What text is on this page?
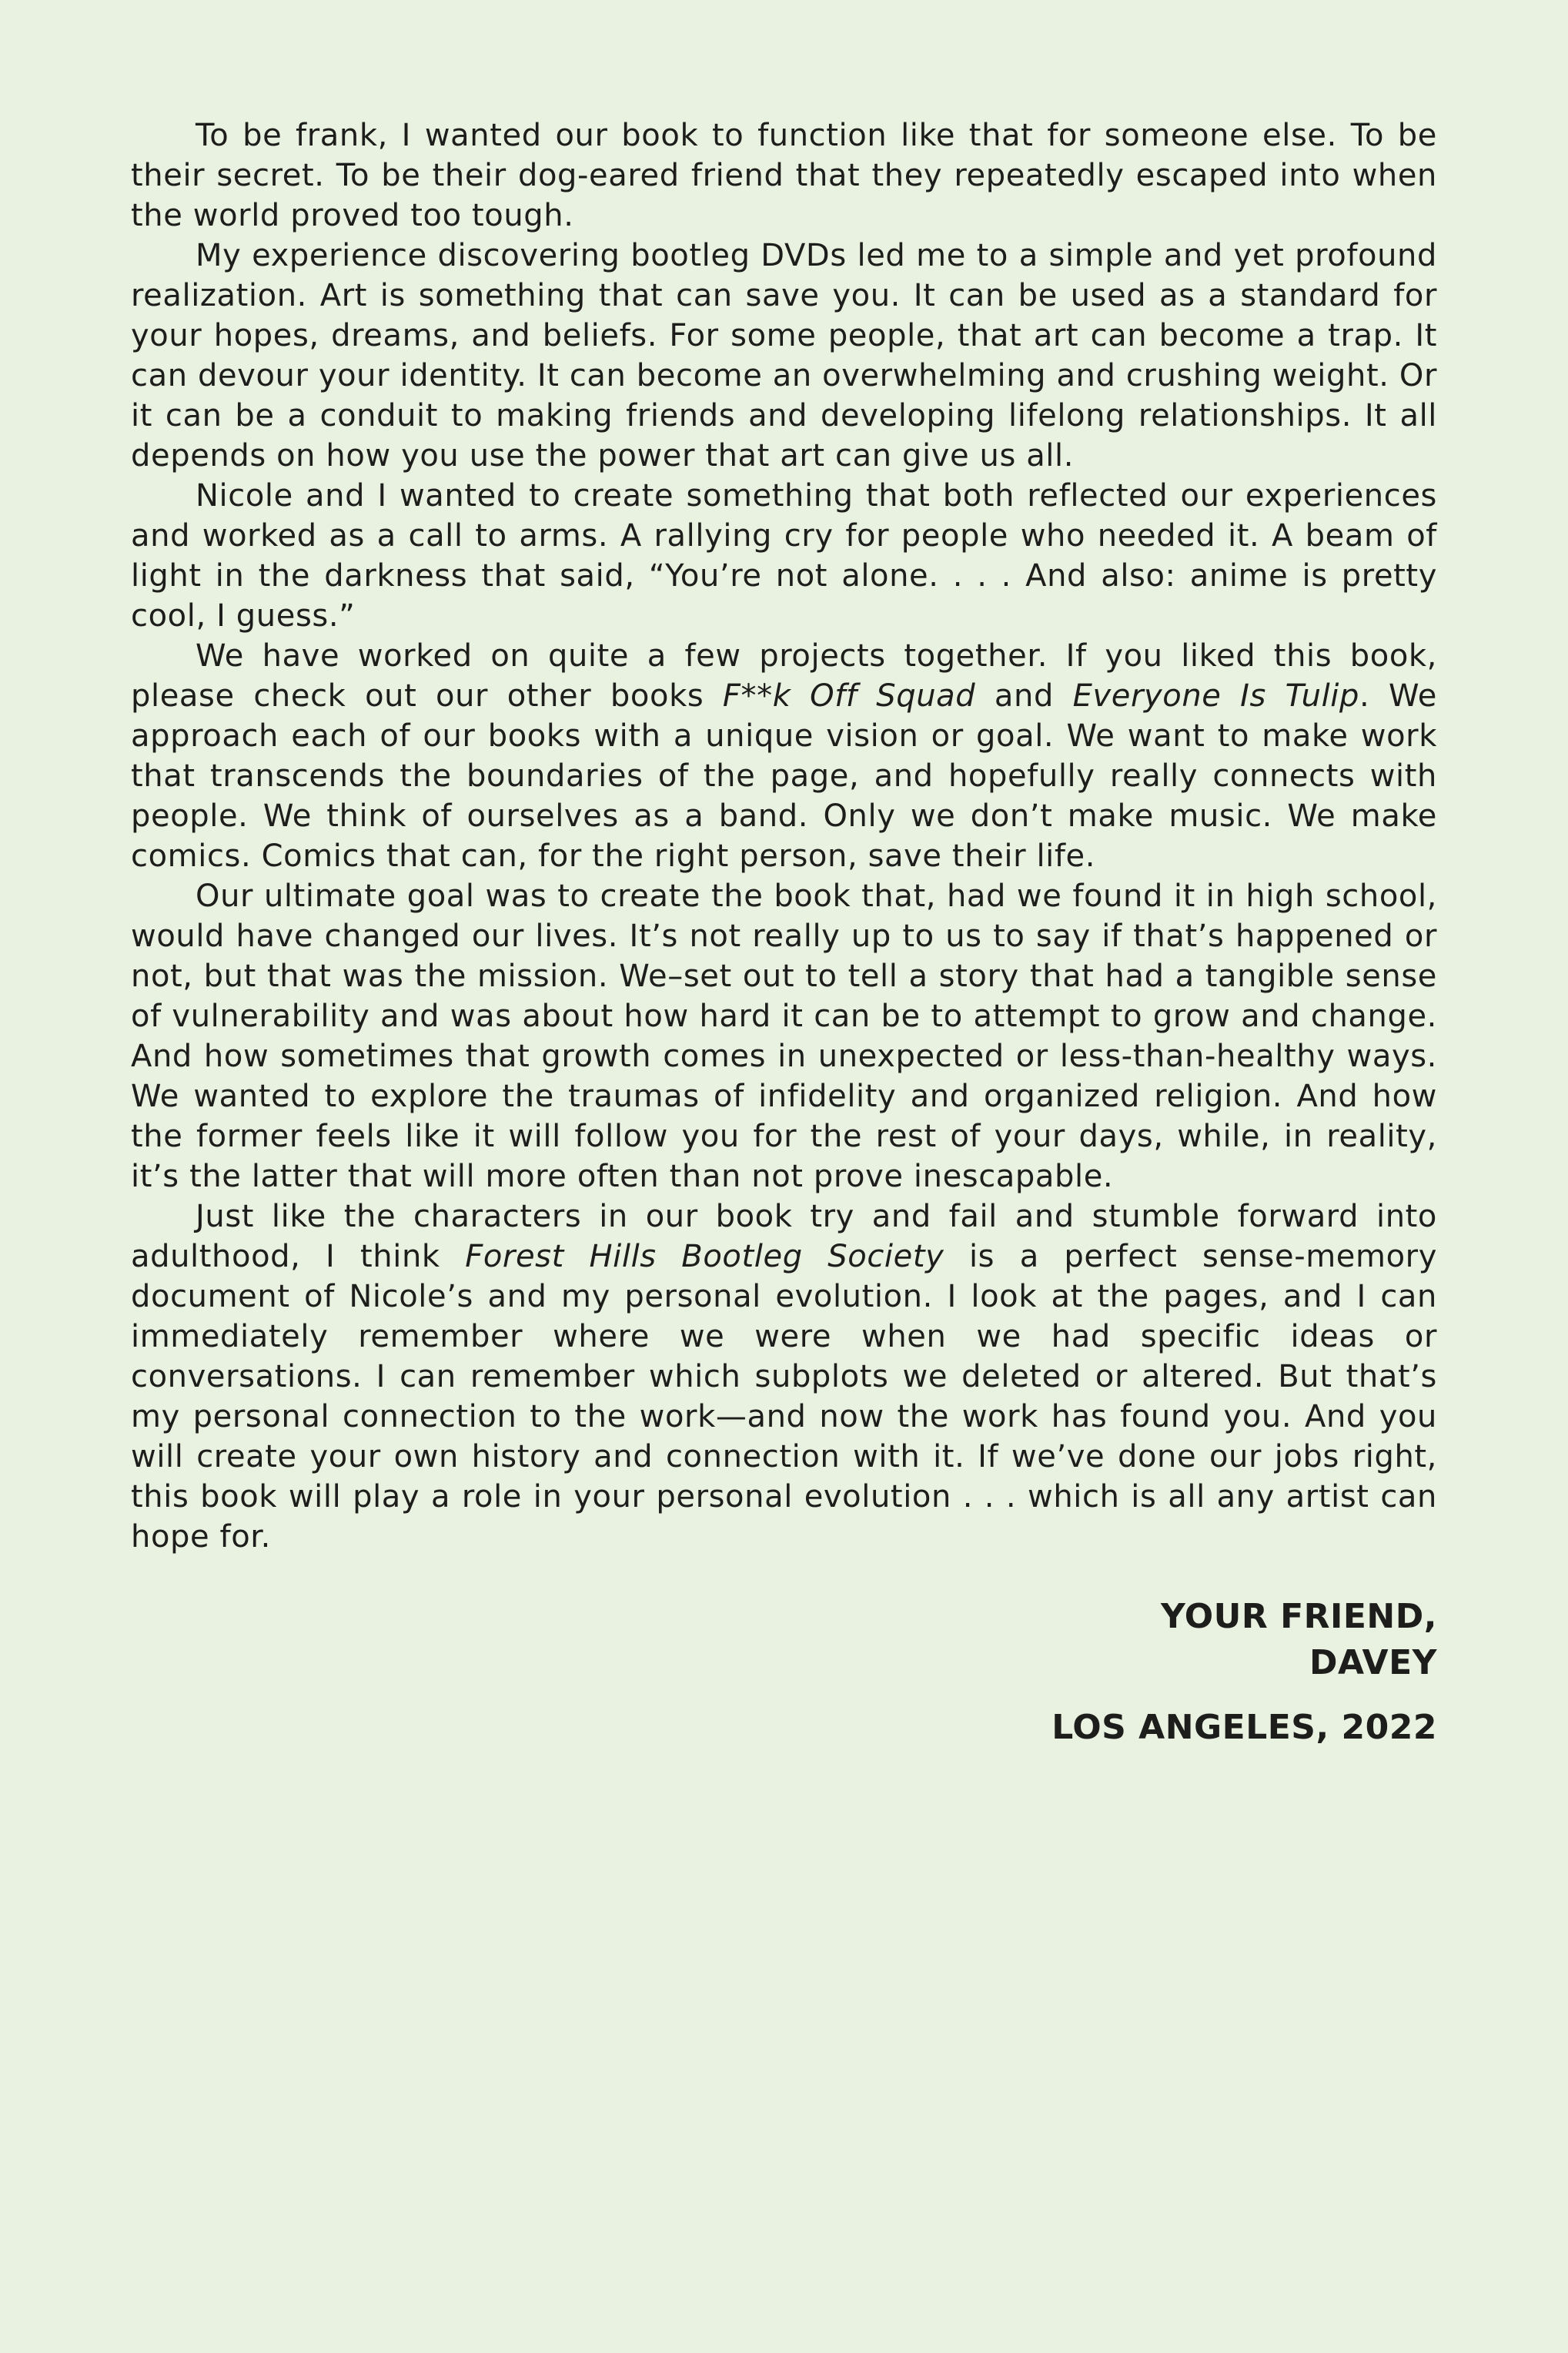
To be frank, I wanted our book to function like that for someone else. To be their secret. To be their dog-eared friend that they repeatedly escaped into when the world proved too tough.

My experience discovering bootleg DVDs led me to a simple and yet profound realization. Art is something that can save you. It can be used as a standard for your hopes, dreams, and beliefs. For some people, that art can become a trap. It can devour your identity. It can become an overwhelming and crushing weight. Or it can be a conduit to making friends and developing lifelong relationships. It all depends on how you use the power that art can give us all.

Nicole and I wanted to create something that both reflected our experiences and worked as a call to arms. A rallying cry for people who needed it. A beam of light in the darkness that said, “You’re not alone. . . . And also: anime is pretty cool, I guess.”

We have worked on quite a few projects together. If you liked this book, please check out our other books F**k Off Squad and Everyone Is Tulip. We approach each of our books with a unique vision or goal. We want to make work that transcends the boundaries of the page, and hopefully really connects with people. We think of ourselves as a band. Only we don’t make music. We make comics. Comics that can, for the right person, save their life.

Our ultimate goal was to create the book that, had we found it in high school, would have changed our lives. It’s not really up to us to say if that’s happened or not, but that was the mission. We–set out to tell a story that had a tangible sense of vulnerability and was about how hard it can be to attempt to grow and change. And how sometimes that growth comes in unexpected or less-than-healthy ways. We wanted to explore the traumas of infidelity and organized religion. And how the former feels like it will follow you for the rest of your days, while, in reality, it’s the latter that will more often than not prove inescapable.

Just like the characters in our book try and fail and stumble forward into adulthood, I think Forest Hills Bootleg Society is a perfect sense-memory document of Nicole’s and my personal evolution. I look at the pages, and I can immediately remember where we were when we had specific ideas or conversations. I can remember which subplots we deleted or altered. But that’s my personal connection to the work—and now the work has found you. And you will create your own history and connection with it. If we’ve done our jobs right, this book will play a role in your personal evolution . . . which is all any artist can hope for.

YOUR FRIEND,
DAVEY
LOS ANGELES, 2022
